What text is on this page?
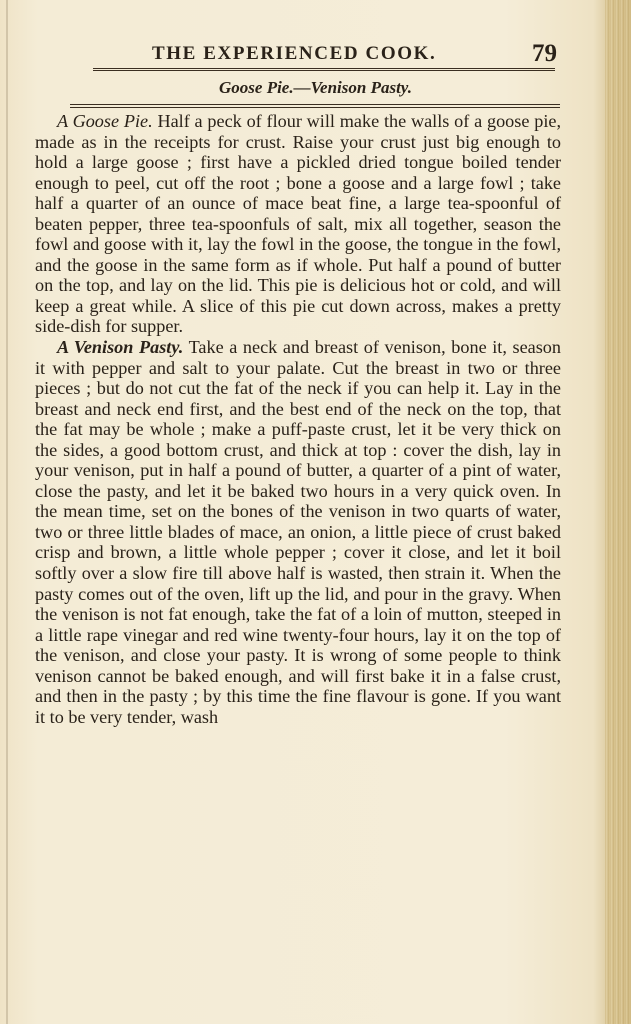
THE EXPERIENCED COOK.	79
Goose Pie.—Venison Pasty.

A Goose Pie. Half a peck of flour will make the walls of a goose pie, made as in the receipts for crust. Raise your crust just big enough to hold a large goose ; first have a pickled dried tongue boiled tender enough to peel, cut off the root ; bone a goose and a large fowl ; take half a quarter of an ounce of mace beat fine, a large tea-spoonful of beaten pepper, three tea-spoonfuls of salt, mix all together, season the fowl and goose with it, lay the fowl in the goose, the tongue in the fowl, and the goose in the same form as if whole. Put half a pound of butter on the top, and lay on the lid. This pie is delicious hot or cold, and will keep a great while. A slice of this pie cut down across, makes a pretty side-dish for supper.

A Venison Pasty. Take a neck and breast of venison, bone it, season it with pepper and salt to your palate. Cut the breast in two or three pieces ; but do not cut the fat of the neck if you can help it. Lay in the breast and neck end first, and the best end of the neck on the top, that the fat may be whole ; make a puff-paste crust, let it be very thick on the sides, a good bottom crust, and thick at top : cover the dish, lay in your venison, put in half a pound of butter, a quarter of a pint of water, close the pasty, and let it be baked two hours in a very quick oven. In the mean time, set on the bones of the venison in two quarts of water, two or three little blades of mace, an onion, a little piece of crust baked crisp and brown, a little whole pepper ; cover it close, and let it boil softly over a slow fire till above half is wasted, then strain it. When the pasty comes out of the oven, lift up the lid, and pour in the gravy. When the venison is not fat enough, take the fat of a loin of mutton, steeped in a little rape vinegar and red wine twenty-four hours, lay it on the top of the venison, and close your pasty. It is wrong of some people to think venison cannot be baked enough, and will first bake it in a false crust, and then in the pasty ; by this time the fine flavour is gone. If you want it to be very tender, wash
